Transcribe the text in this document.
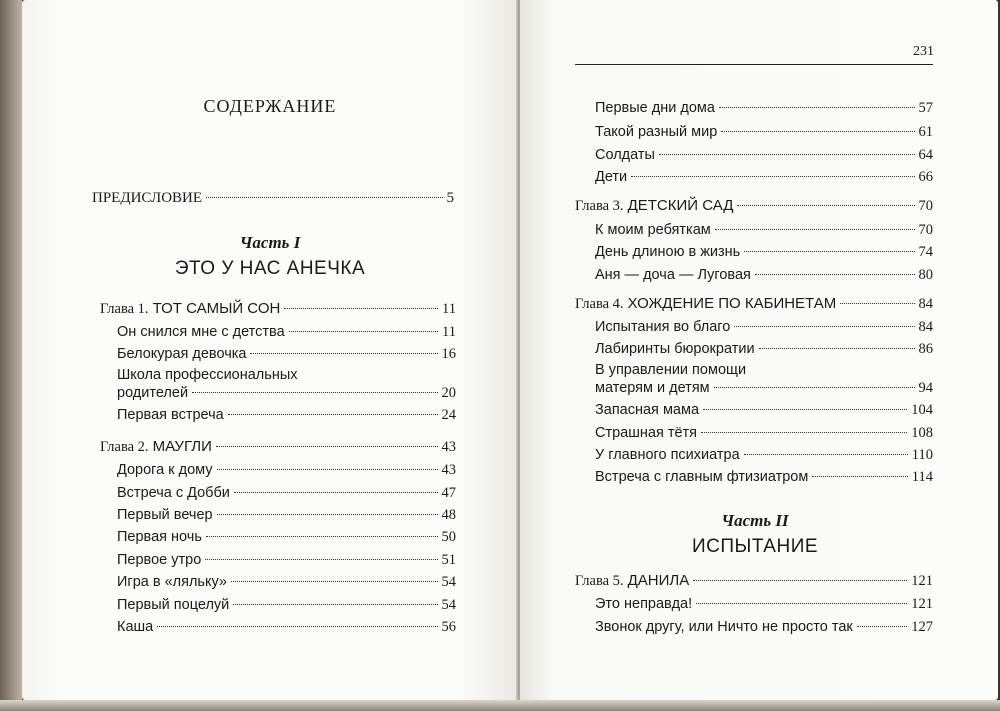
СОДЕРЖАНИЕ
ПРЕДИСЛОВИЕ	5
Часть I
ЭТО У НАС АНЕЧКА
Глава 1. ТОТ САМЫЙ СОН	11
Он снился мне с детства	11
Белокурая девочка	16
Школа профессиональных
родителей	20
Первая встреча	24
Глава 2. МАУГЛИ	43
Дорога к дому	43
Встреча с Добби	47
Первый вечер	48
Первая ночь	50
Первое утро	51
Игра в «ляльку»	54
Первый поцелуй	54
Каша	56
231
Первые дни дома	57
Такой разный мир	61
Солдаты	64
Дети	66
Глава 3. ДЕТСКИЙ САД	70
К моим ребяткам	70
День длиною в жизнь	74
Аня — доча — Луговая	80
Глава 4. ХОЖДЕНИЕ ПО КАБИНЕТАМ	84
Испытания во благо	84
Лабиринты бюрократии	86
В управлении помощи
матерям и детям	94
Запасная мама	104
Страшная тётя	108
У главного психиатра	110
Встреча с главным фтизиатром	114
Часть II
ИСПЫТАНИЕ
Глава 5. ДАНИЛА	121
Это неправда!	121
Звонок другу, или Ничто не просто так	127
